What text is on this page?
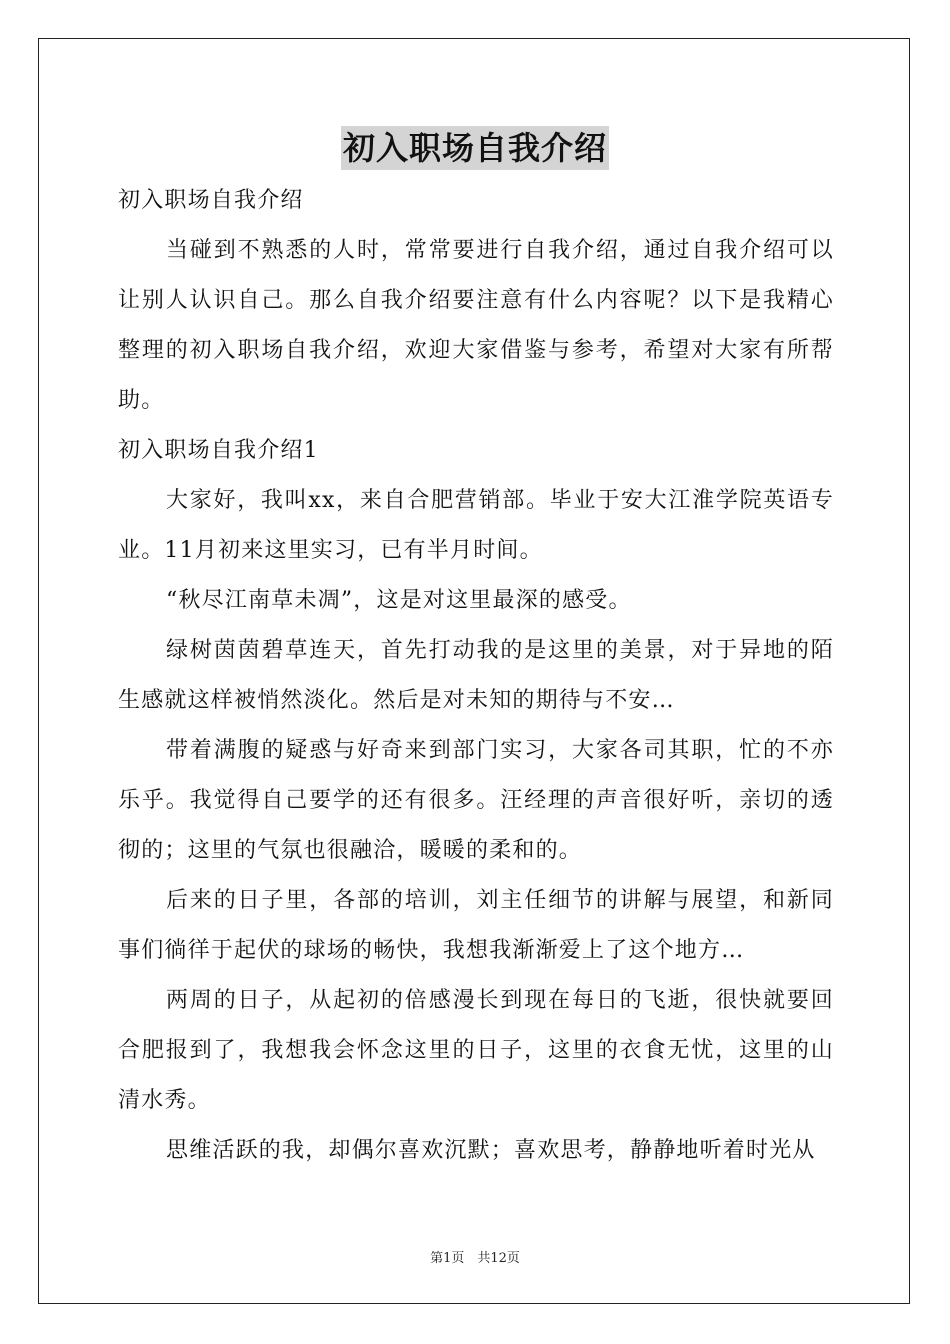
初入职场自我介绍

初入职场自我介绍

当碰到不熟悉的人时，常常要进行自我介绍，通过自我介绍可以让别人认识自己。那么自我介绍要注意有什么内容呢？以下是我精心整理的初入职场自我介绍，欢迎大家借鉴与参考，希望对大家有所帮助。

初入职场自我介绍1

大家好，我叫xx，来自合肥营销部。毕业于安大江淮学院英语专业。11月初来这里实习，已有半月时间。

“秋尽江南草未凋”，这是对这里最深的感受。

绿树茵茵碧草连天，首先打动我的是这里的美景，对于异地的陌生感就这样被悄然淡化。然后是对未知的期待与不安…

带着满腹的疑惑与好奇来到部门实习，大家各司其职，忙的不亦乐乎。我觉得自己要学的还有很多。汪经理的声音很好听，亲切的透彻的；这里的气氛也很融洽，暖暖的柔和的。

后来的日子里，各部的培训，刘主任细节的讲解与展望，和新同事们徜徉于起伏的球场的畅快，我想我渐渐爱上了这个地方…

两周的日子，从起初的倍感漫长到现在每日的飞逝，很快就要回合肥报到了，我想我会怀念这里的日子，这里的衣食无忧，这里的山清水秀。

思维活跃的我，却偶尔喜欢沉默；喜欢思考，静静地听着时光从

第1页　共12页
